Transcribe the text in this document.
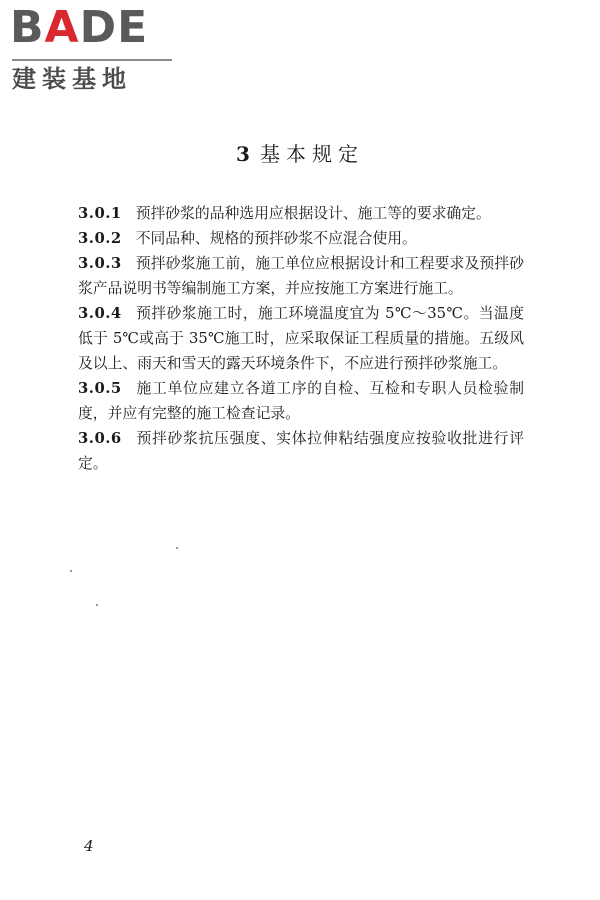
BADE
建装基地
3 基本规定

3.0.1 预拌砂浆的品种选用应根据设计、施工等的要求确定。

3.0.2 不同品种、规格的预拌砂浆不应混合使用。

3.0.3 预拌砂浆施工前，施工单位应根据设计和工程要求及预拌砂浆产品说明书等编制施工方案，并应按施工方案进行施工。

3.0.4 预拌砂浆施工时，施工环境温度宜为 5℃～35℃。当温度低于 5℃或高于 35℃施工时，应采取保证工程质量的措施。五级风及以上、雨天和雪天的露天环境条件下，不应进行预拌砂浆施工。

3.0.5 施工单位应建立各道工序的自检、互检和专职人员检验制度，并应有完整的施工检查记录。

3.0.6 预拌砂浆抗压强度、实体拉伸粘结强度应按验收批进行评定。

4
